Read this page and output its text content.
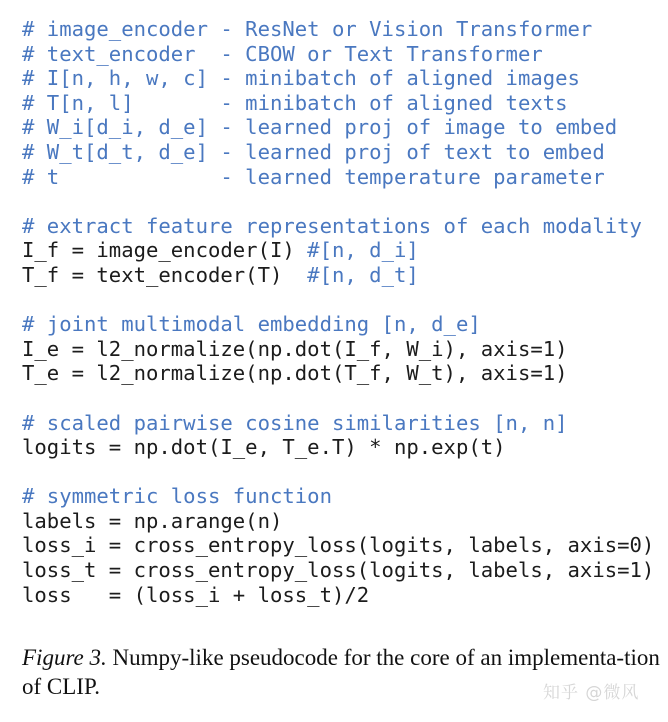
# image_encoder - ResNet or Vision Transformer
# text_encoder  - CBOW or Text Transformer
# I[n, h, w, c] - minibatch of aligned images
# T[n, l]       - minibatch of aligned texts
# W_i[d_i, d_e] - learned proj of image to embed
# W_t[d_t, d_e] - learned proj of text to embed
# t             - learned temperature parameter
# extract feature representations of each modality
I_f = image_encoder(I) #[n, d_i]
T_f = text_encoder(T)  #[n, d_t]
# joint multimodal embedding [n, d_e]
I_e = l2_normalize(np.dot(I_f, W_i), axis=1)
T_e = l2_normalize(np.dot(T_f, W_t), axis=1)
# scaled pairwise cosine similarities [n, n]
logits = np.dot(I_e, T_e.T) * np.exp(t)
# symmetric loss function
labels = np.arange(n)
loss_i = cross_entropy_loss(logits, labels, axis=0)
loss_t = cross_entropy_loss(logits, labels, axis=1)
loss   = (loss_i + loss_t)/2

Figure 3. Numpy-like pseudocode for the core of an implementa-tion of CLIP.	知乎 @微风
